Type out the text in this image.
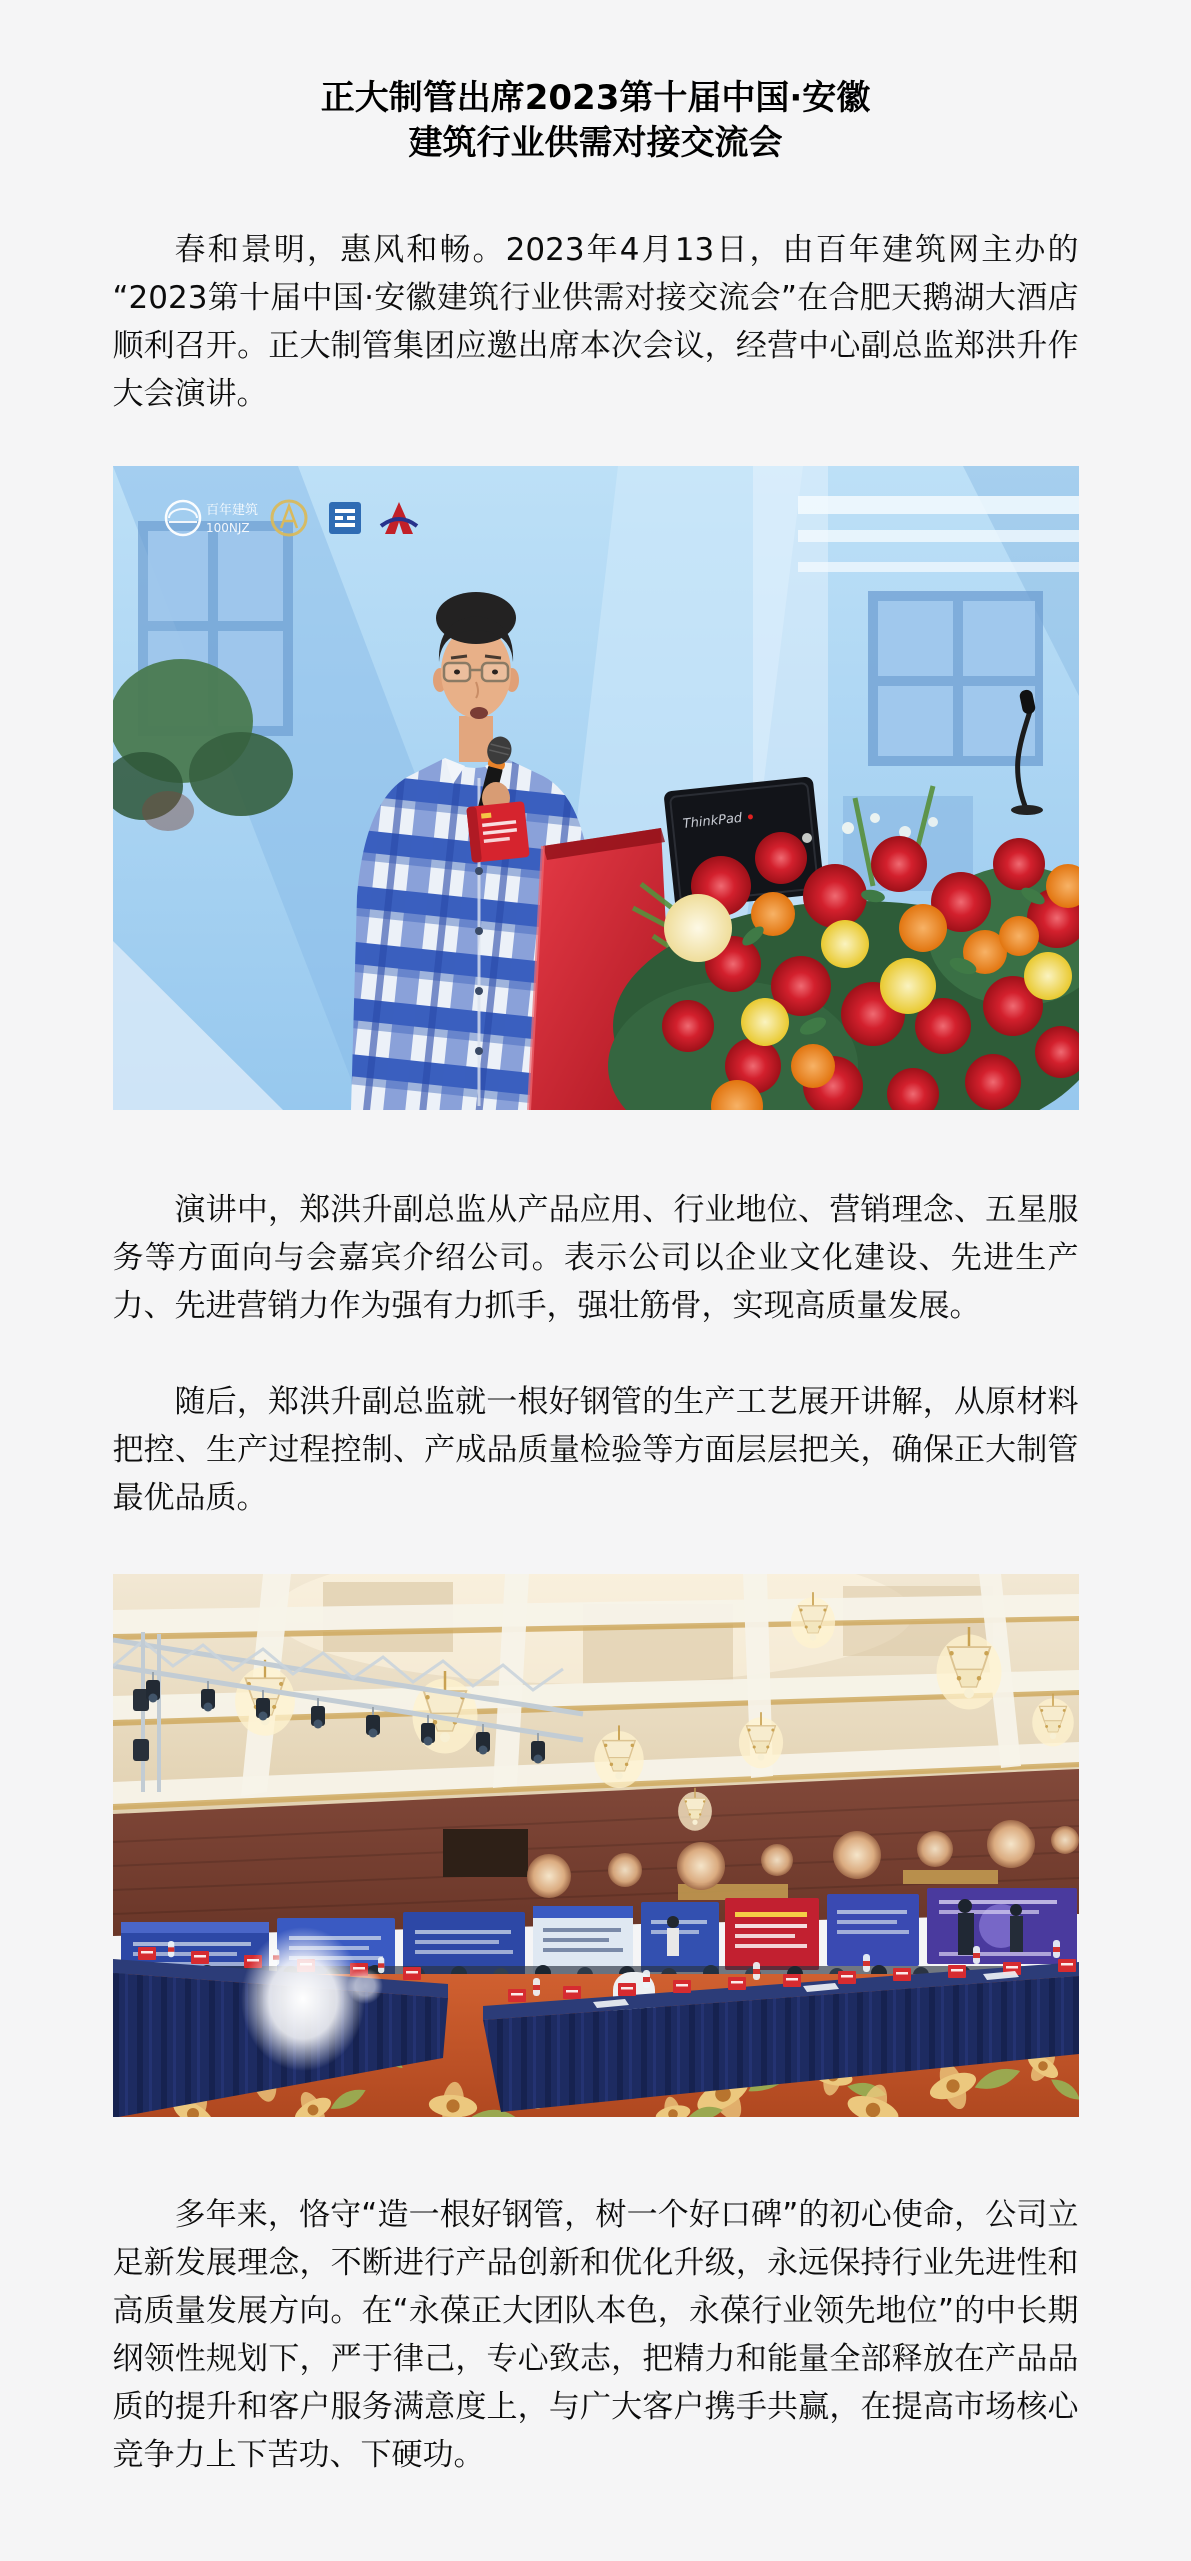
正大制管出席2023第十届中国·安徽
建筑行业供需对接交流会

春和景明，惠风和畅。2023年4月13日，由百年建筑网主办的“2023第十届中国·安徽建筑行业供需对接交流会”在合肥天鹅湖大酒店顺利召开。正大制管集团应邀出席本次会议，经营中心副总监郑洪升作大会演讲。

百年建筑
100NJZ
ThinkPad

演讲中，郑洪升副总监从产品应用、行业地位、营销理念、五星服务等方面向与会嘉宾介绍公司。表示公司以企业文化建设、先进生产力、先进营销力作为强有力抓手，强壮筋骨，实现高质量发展。

随后，郑洪升副总监就一根好钢管的生产工艺展开讲解，从原材料把控、生产过程控制、产成品质量检验等方面层层把关，确保正大制管最优品质。

多年来，恪守“造一根好钢管，树一个好口碑”的初心使命，公司立足新发展理念，不断进行产品创新和优化升级，永远保持行业先进性和高质量发展方向。在“永葆正大团队本色，永葆行业领先地位”的中长期纲领性规划下，严于律己，专心致志，把精力和能量全部释放在产品品质的提升和客户服务满意度上，与广大客户携手共赢，在提高市场核心竞争力上下苦功、下硬功。
